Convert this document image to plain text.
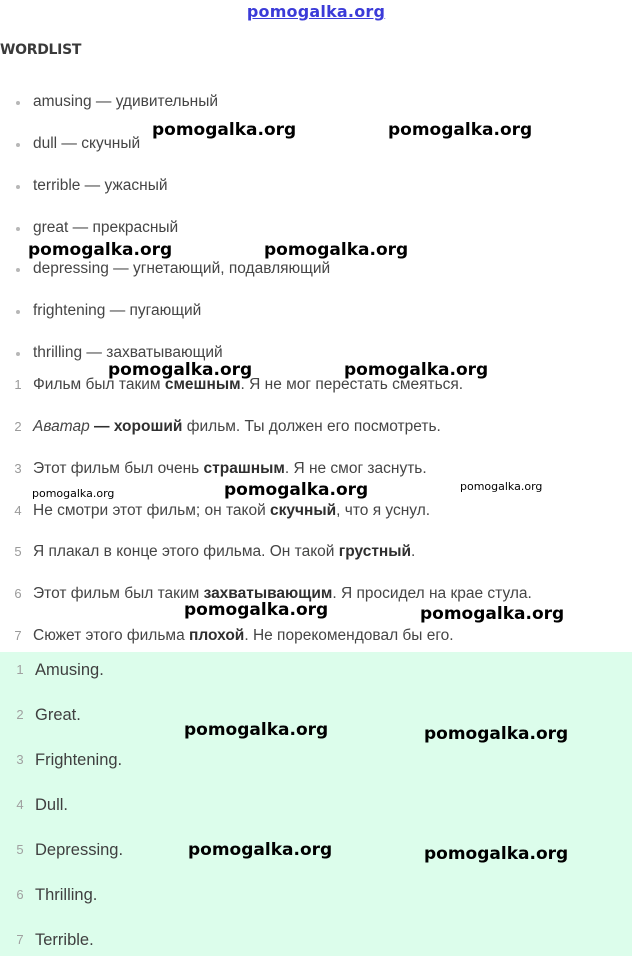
pomogalka.org
WORDLIST
amusing — удивительный
dull — скучный
terrible — ужасный
great — прекрасный
depressing — угнетающий, подавляющий
frightening — пугающий
thrilling — захватывающий
1 Фильм был таким смешным. Я не мог перестать смеяться.
2 Аватар — хороший фильм. Ты должен его посмотреть.
3 Этот фильм был очень страшным. Я не смог заснуть.
4 Не смотри этот фильм; он такой скучный, что я уснул.
5 Я плакал в конце этого фильма. Он такой грустный.
6 Этот фильм был таким захватывающим. Я просидел на крае стула.
7 Сюжет этого фильма плохой. Не порекомендовал бы его.
1 Amusing.
2 Great.
3 Frightening.
4 Dull.
5 Depressing.
6 Thrilling.
7 Terrible.
pomogalka.org	pomogalka.org
pomogalka.org	pomogalka.org
pomogalka.org	pomogalka.org
pomogalka.org	pomogalka.org	pomogalka.org
pomogalka.org	pomogalka.org
pomogalka.org	pomogalka.org
pomogalka.org	pomogalka.org
